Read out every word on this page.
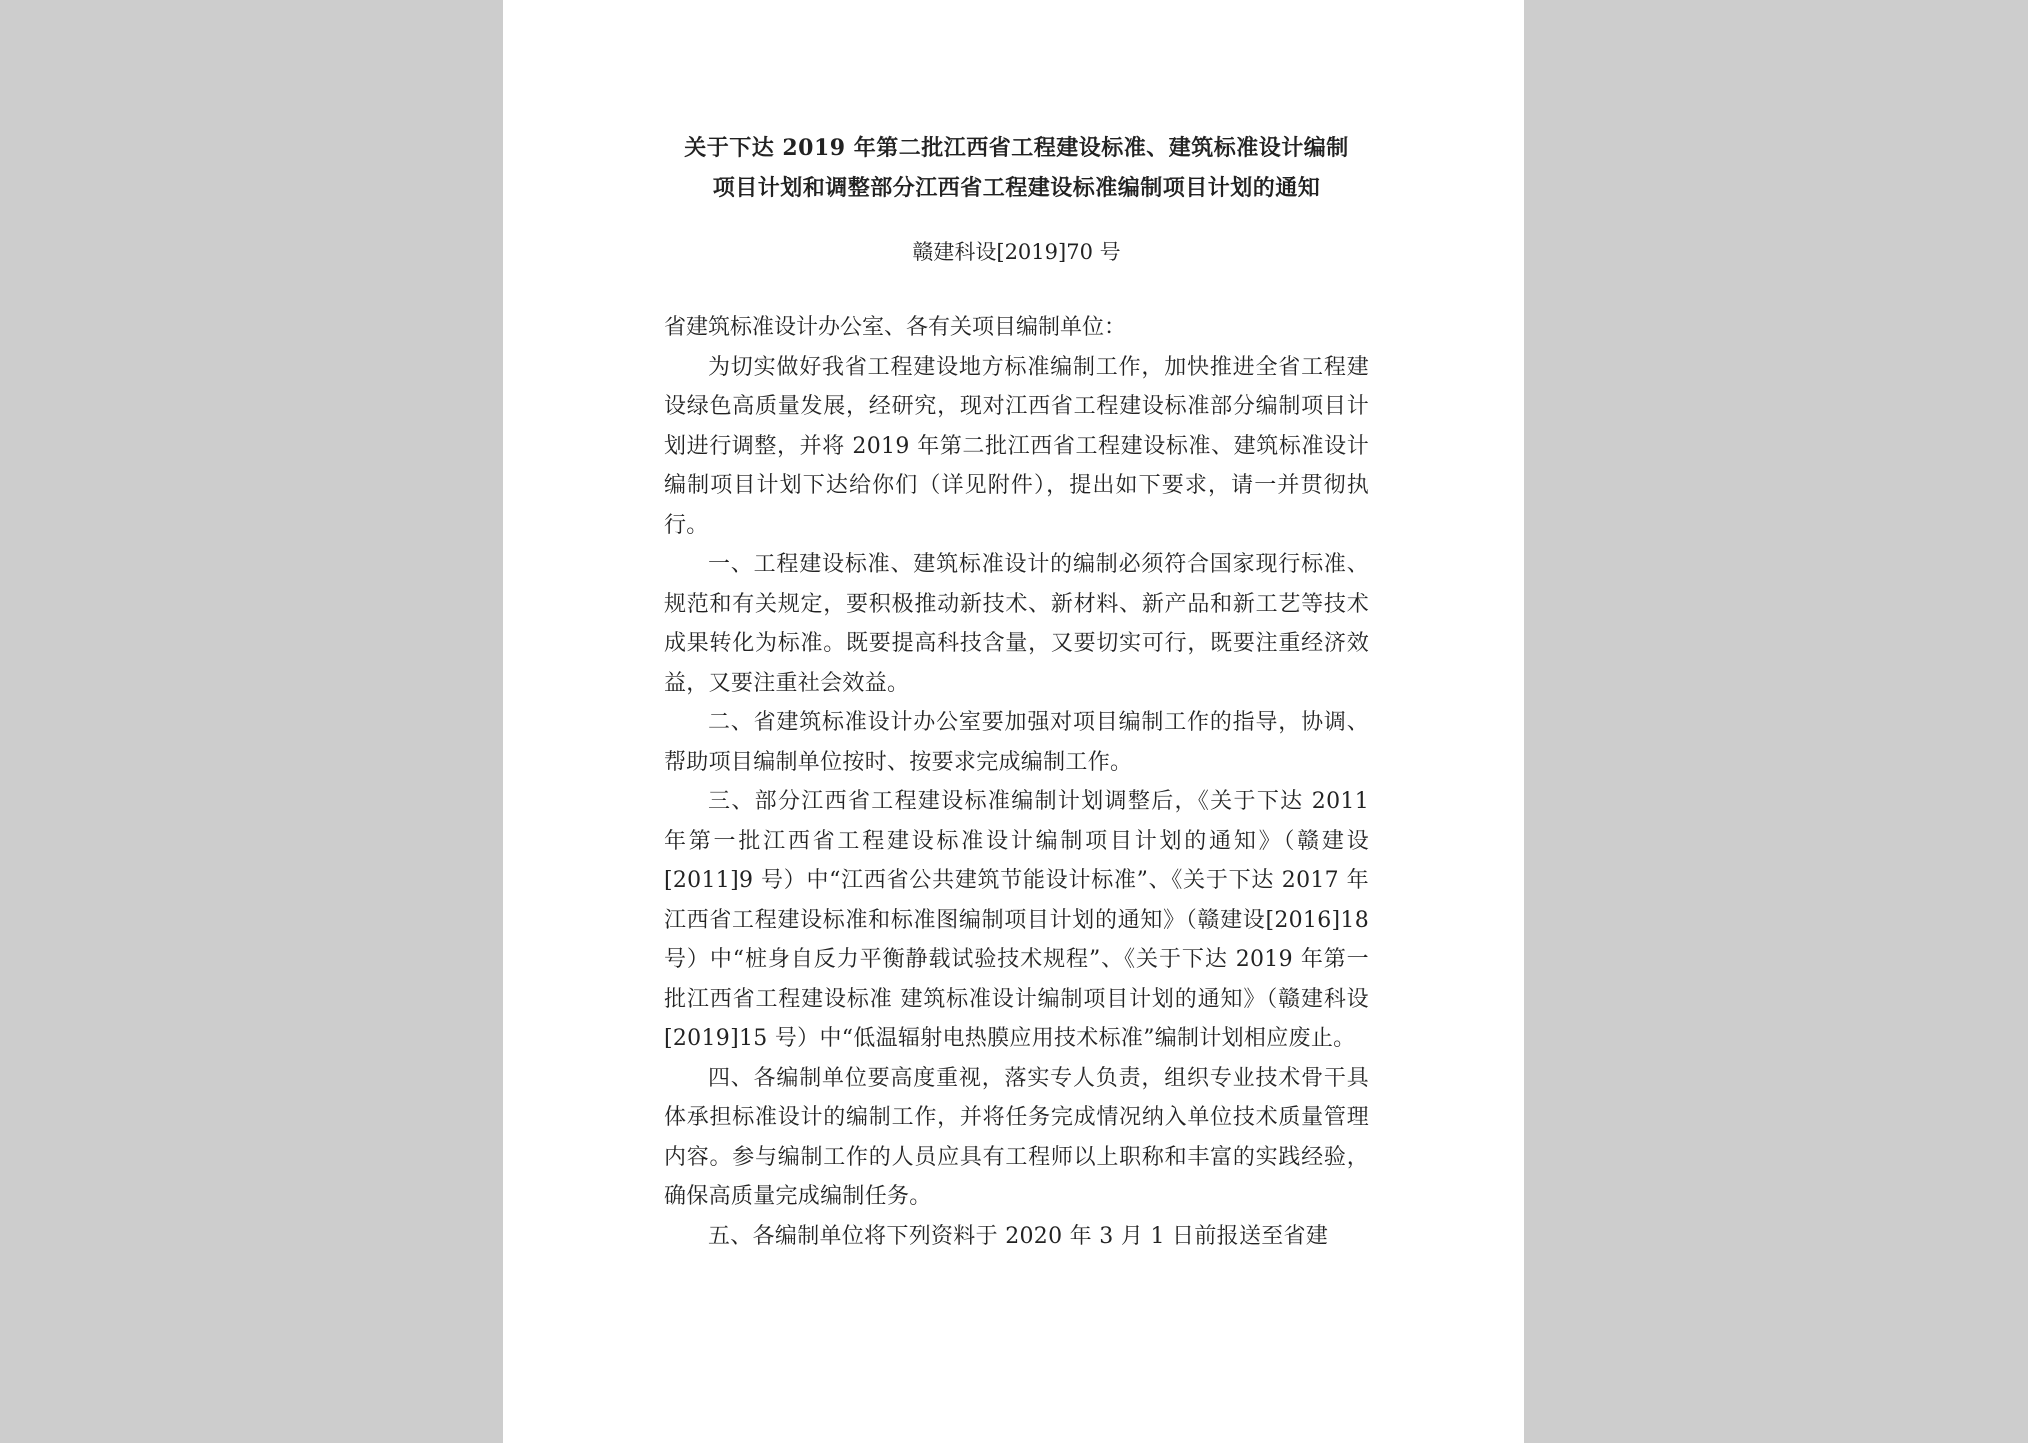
关于下达 2019 年第二批江西省工程建设标准、建筑标准设计编制
项目计划和调整部分江西省工程建设标准编制项目计划的通知
赣建科设[2019]70 号
省建筑标准设计办公室、各有关项目编制单位：

为切实做好我省工程建设地方标准编制工作，加快推进全省工程建设绿色高质量发展，经研究，现对江西省工程建设标准部分编制项目计划进行调整，并将 2019 年第二批江西省工程建设标准、建筑标准设计编制项目计划下达给你们（详见附件），提出如下要求，请一并贯彻执行。

一、工程建设标准、建筑标准设计的编制必须符合国家现行标准、规范和有关规定，要积极推动新技术、新材料、新产品和新工艺等技术成果转化为标准。既要提高科技含量，又要切实可行，既要注重经济效益，又要注重社会效益。

二、省建筑标准设计办公室要加强对项目编制工作的指导，协调、帮助项目编制单位按时、按要求完成编制工作。

三、部分江西省工程建设标准编制计划调整后，《关于下达 2011 年第一批江西省工程建设标准设计编制项目计划的通知》（赣建设[2011]9 号）中“江西省公共建筑节能设计标准”、《关于下达 2017 年江西省工程建设标准和标准图编制项目计划的通知》（赣建设[2016]18 号）中“桩身自反力平衡静载试验技术规程”、《关于下达 2019 年第一批江西省工程建设标准 建筑标准设计编制项目计划的通知》（赣建科设[2019]15 号）中“低温辐射电热膜应用技术标准”编制计划相应废止。

四、各编制单位要高度重视，落实专人负责，组织专业技术骨干具体承担标准设计的编制工作，并将任务完成情况纳入单位技术质量管理内容。参与编制工作的人员应具有工程师以上职称和丰富的实践经验，确保高质量完成编制任务。

五、各编制单位将下列资料于 2020 年 3 月 1 日前报送至省建
